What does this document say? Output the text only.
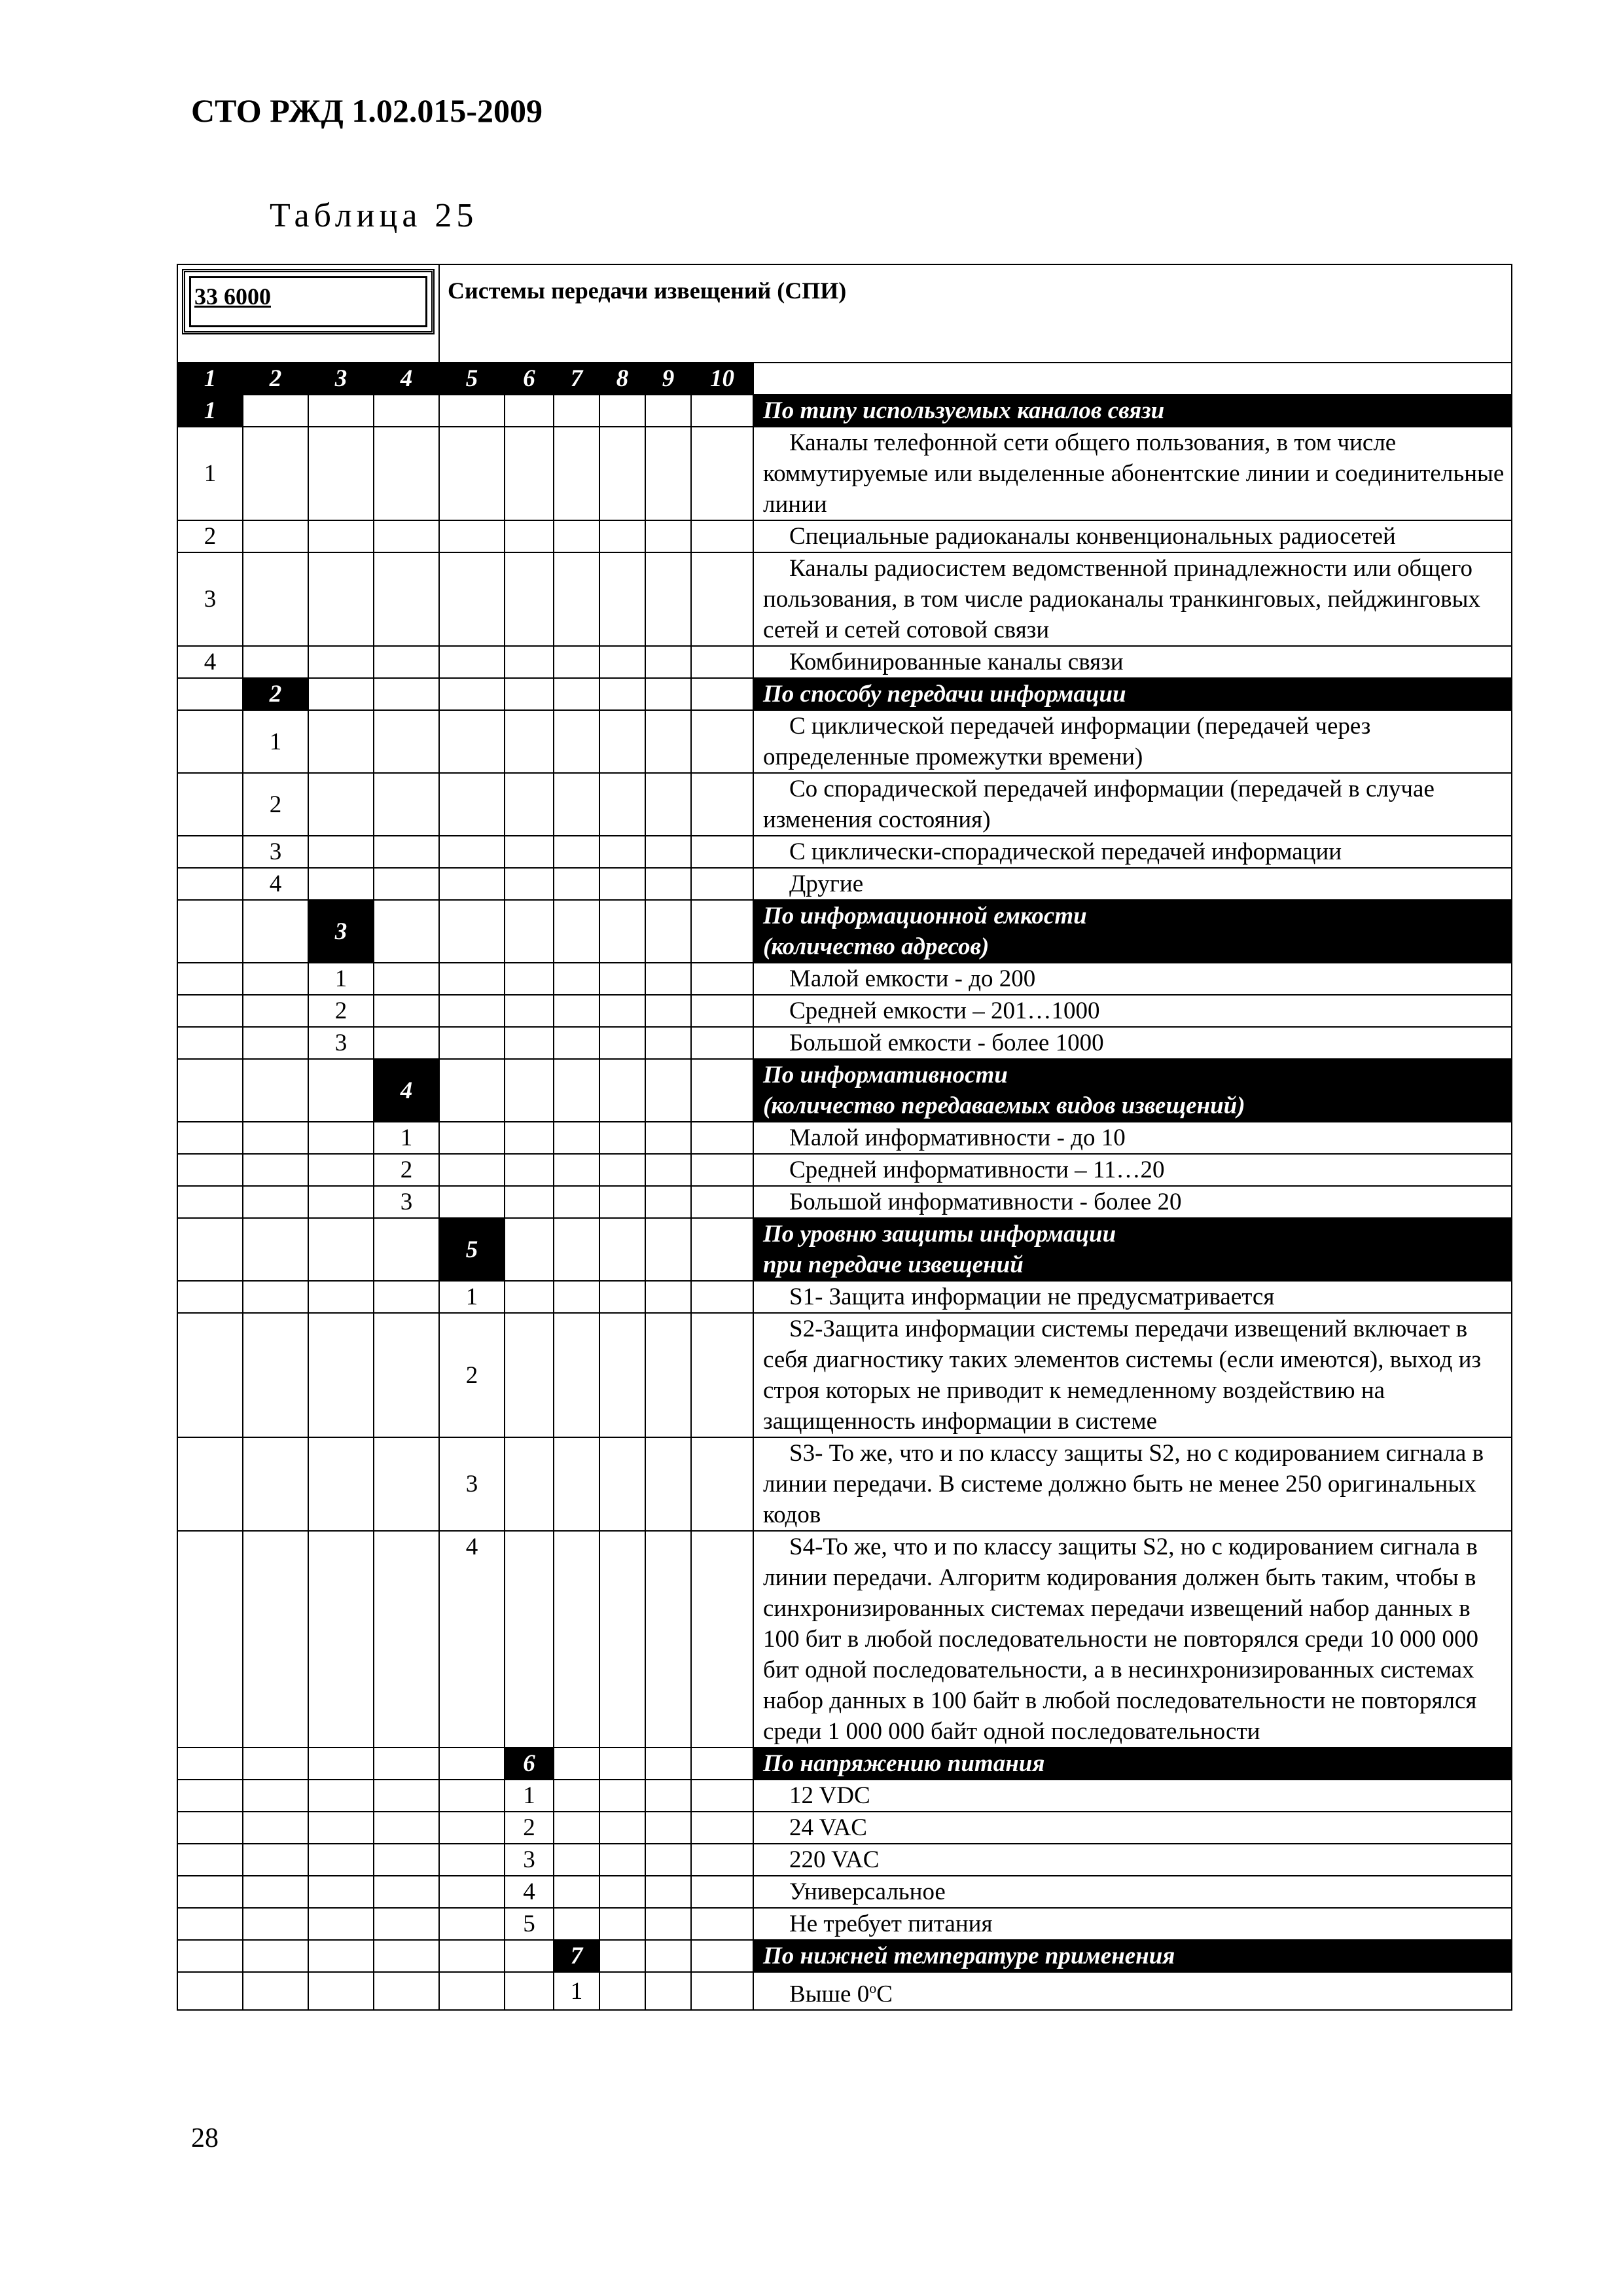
СТО РЖД 1.02.015-2009
Таблица 25
33 6000				Системы передачи извещений (СПИ)						
1	2	3	4	5	6	7	8	9	10	
1										По типу используемых каналов связи

1										Каналы телефонной сети общего пользования, в том числе коммутируемые или выделенные абонентские линии и соединительные линии

2										Специальные радиоканалы конвенциональных радиосетей

3										Каналы радиосистем ведомственной принадлежности или общего пользования, в том числе радиоканалы транкинговых, пейджинговых сетей и сетей сотовой связи

4										Комбинированные каналы связи

	2									По способу передачи информации

	1									С циклической передачей информации (передачей через определенные промежутки времени)

	2									Со спорадической передачей информации (передачей в случае изменения состояния)

	3									С циклически-спорадической передачей информации

	4									Другие

		3								По информационной емкости
(количество адресов)

		1								Малой емкости - до 200

		2								Средней емкости – 201…1000

		3								Большой емкости - более 1000

			4							По информативности
(количество передаваемых видов извещений)

			1							Малой информативности - до 10

			2							Средней информативности – 11…20

			3							Большой информативности - более 20

				5						По уровню защиты информации
при передаче извещений

				1						S1- Защита информации не предусматривается

				2						S2-Защита информации системы передачи извещений включает в себя диагностику таких элементов системы (если имеются), выход из строя которых не приводит к немедленному воздействию на защищенность информации в системе

				3						S3- То же, что и по классу защиты S2, но с кодированием сигнала в линии передачи. В системе должно быть не менее 250 оригинальных кодов

				4						S4-То же, что и по классу защиты S2, но с кодированием сигнала в линии передачи. Алгоритм кодирования должен быть таким, чтобы в синхронизированных системах передачи извещений набор данных в 100 бит в любой последовательности не повторялся среди 10 000 000 бит одной последовательности, а в несинхронизированных системах набор данных в 100 байт в любой последовательности не повторялся среди 1 000 000 байт одной последовательности

					6					По напряжению питания

					1					12 VDC

					2					24 VAC

					3					220 VAC

					4					Универсальное

					5					Не требует питания

						7				По нижней температуре применения

						1				Выше $0^оС$
28
